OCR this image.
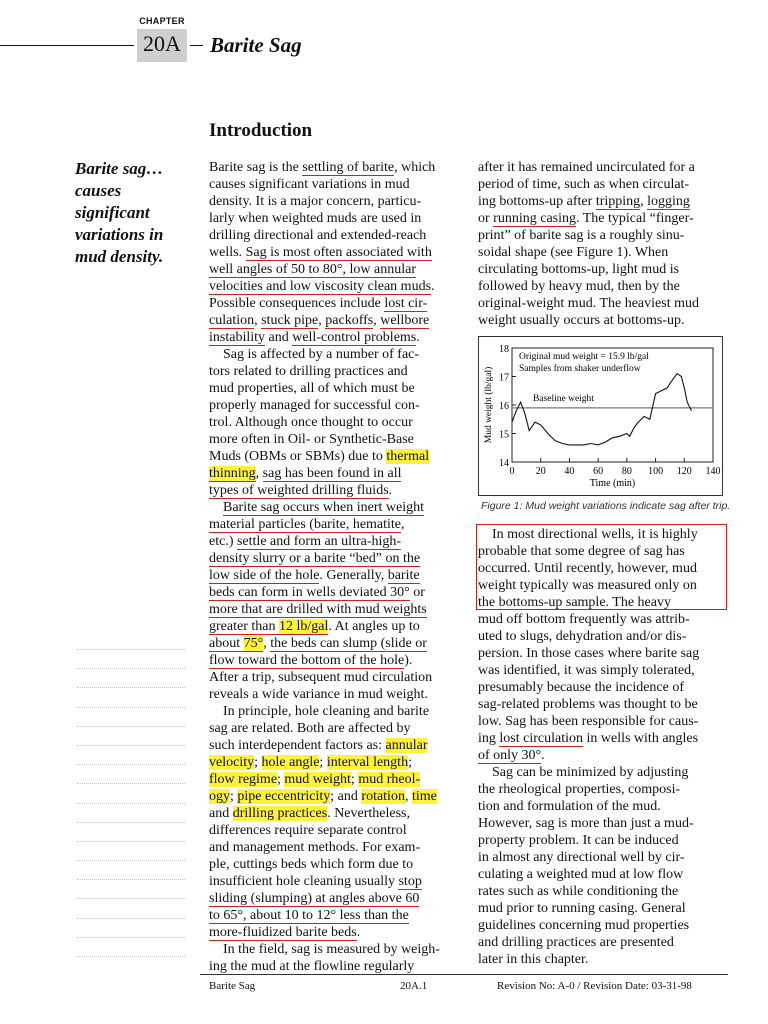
CHAPTER
20A Barite Sag
Introduction
Barite sag…
causes
significant
variations in
mud density.
Barite sag is the settling of barite, which
causes significant variations in mud
density. It is a major concern, particu-
larly when weighted muds are used in
drilling directional and extended-reach
wells. Sag is most often associated with
well angles of 50 to 80°, low annular
velocities and low viscosity clean muds.
Possible consequences include lost cir-
culation, stuck pipe, packoffs, wellbore
instability and well-control problems.
  Sag is affected by a number of fac-
tors related to drilling practices and
mud properties, all of which must be
properly managed for successful con-
trol. Although once thought to occur
more often in Oil- or Synthetic-Base
Muds (OBMs or SBMs) due to thermal
thinning, sag has been found in all
types of weighted drilling fluids.
  Barite sag occurs when inert weight
material particles (barite, hematite,
etc.) settle and form an ultra-high-
density slurry or a barite “bed” on the
low side of the hole. Generally, barite
beds can form in wells deviated 30° or
more that are drilled with mud weights
greater than 12 lb/gal. At angles up to
about 75°, the beds can slump (slide or
flow toward the bottom of the hole).
After a trip, subsequent mud circulation
reveals a wide variance in mud weight.
  In principle, hole cleaning and barite
sag are related. Both are affected by
such interdependent factors as: annular
velocity; hole angle; interval length;
flow regime; mud weight; mud rheol-
ogy; pipe eccentricity; and rotation, time
and drilling practices. Nevertheless,
differences require separate control
and management methods. For exam-
ple, cuttings beds which form due to
insufficient hole cleaning usually stop
sliding (slumping) at angles above 60
to 65°, about 10 to 12° less than the
more-fluidized barite beds.
  In the field, sag is measured by weigh-
ing the mud at the flowline regularly
after it has remained uncirculated for a
period of time, such as when circulat-
ing bottoms-up after tripping, logging
or running casing. The typical “finger-
print” of barite sag is a roughly sinu-
soidal shape (see Figure 1). When
circulating bottoms-up, light mud is
followed by heavy mud, then by the
original-weight mud. The heaviest mud
weight usually occurs at bottoms-up.
0 20 40 60 80 100 120 140
14
15
16
17
18
Original mud weight = 15.9 lb/gal
Samples from shaker underflow
Baseline weight
Time (min)
Mud weight (lb/gal)
Figure 1: Mud weight variations indicate sag after trip.
  In most directional wells, it is highly
probable that some degree of sag has
occurred. Until recently, however, mud
weight typically was measured only on
the bottoms-up sample. The heavy
mud off bottom frequently was attrib-
uted to slugs, dehydration and/or dis-
persion. In those cases where barite sag
was identified, it was simply tolerated,
presumably because the incidence of
sag-related problems was thought to be
low. Sag has been responsible for caus-
ing lost circulation in wells with angles
of only 30°.
  Sag can be minimized by adjusting
the rheological properties, composi-
tion and formulation of the mud.
However, sag is more than just a mud-
property problem. It can be induced
in almost any directional well by cir-
culating a weighted mud at low flow
rates such as while conditioning the
mud prior to running casing. General
guidelines concerning mud properties
and drilling practices are presented
later in this chapter.
Barite Sag	20A.1	Revision No: A-0 / Revision Date: 03-31-98
